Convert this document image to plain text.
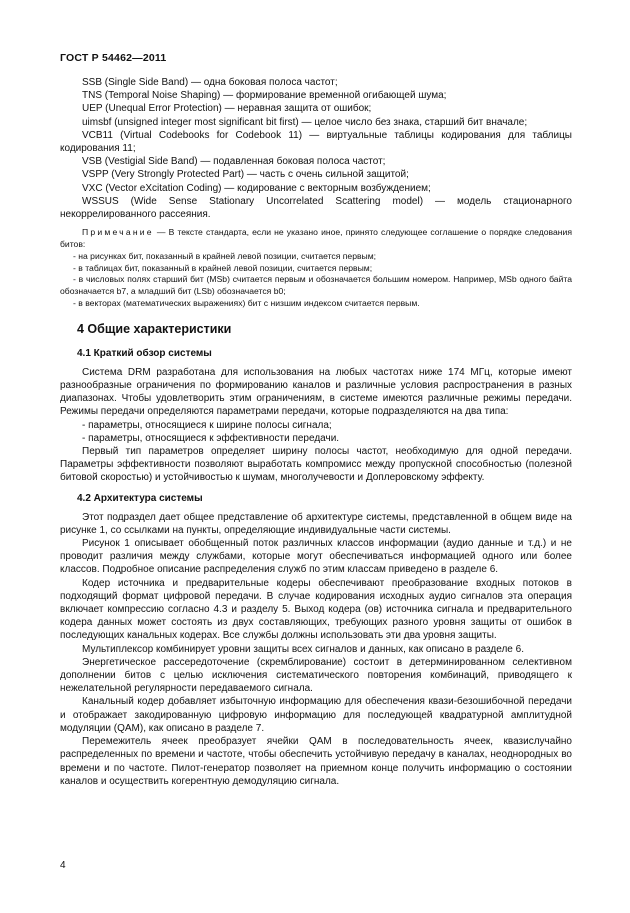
ГОСТ Р 54462—2011

SSB (Single Side Band) — одна боковая полоса частот;

TNS (Temporal Noise Shaping) — формирование временной огибающей шума;

UEP (Unequal Error Protection) — неравная защита от ошибок;

uimsbf (unsigned integer most significant bit first) — целое число без знака, старший бит вначале;

VCB11 (Virtual Codebooks for Codebook 11) — виртуальные таблицы кодирования для таблицы кодирования 11;

VSB (Vestigial Side Band) — подавленная боковая полоса частот;

VSPP (Very Strongly Protected Part) — часть с очень сильной защитой;

VXC (Vector eXcitation Coding) — кодирование с векторным возбуждением;

WSSUS (Wide Sense Stationary Uncorrelated Scattering model) — модель стационарного некоррелированного рассеяния.

Примечание — В тексте стандарта, если не указано иное, принято следующее соглашение о порядке следования битов:

- на рисунках бит, показанный в крайней левой позиции, считается первым;

- в таблицах бит, показанный в крайней левой позиции, считается первым;

- в числовых полях старший бит (MSb) считается первым и обозначается большим номером. Например, MSb одного байта обозначается b7, а младший бит (LSb) обозначается b0;

- в векторах (математических выражениях) бит с низшим индексом считается первым.

4 Общие характеристики
4.1 Краткий обзор системы

Система DRM разработана для использования на любых частотах ниже 174 МГц, которые имеют разнообразные ограничения по формированию каналов и различные условия распространения в разных диапазонах. Чтобы удовлетворить этим ограничениям, в системе имеются различные режимы передачи. Режимы передачи определяются параметрами передачи, которые подразделяются на два типа:

- параметры, относящиеся к ширине полосы сигнала;

- параметры, относящиеся к эффективности передачи.

Первый тип параметров определяет ширину полосы частот, необходимую для одной передачи. Параметры эффективности позволяют выработать компромисс между пропускной способностью (полезной битовой скоростью) и устойчивостью к шумам, многолучевости и Доплеровскому эффекту.

4.2 Архитектура системы

Этот подраздел дает общее представление об архитектуре системы, представленной в общем виде на рисунке 1, со ссылками на пункты, определяющие индивидуальные части системы.

Рисунок 1 описывает обобщенный поток различных классов информации (аудио данные и т.д.) и не проводит различия между службами, которые могут обеспечиваться информацией одного или более классов. Подробное описание распределения служб по этим классам приведено в разделе 6.

Кодер источника и предварительные кодеры обеспечивают преобразование входных потоков в подходящий формат цифровой передачи. В случае кодирования исходных аудио сигналов эта операция включает компрессию согласно 4.3 и разделу 5. Выход кодера (ов) источника сигнала и предварительного кодера данных может состоять из двух составляющих, требующих разного уровня защиты от ошибок в последующих канальных кодерах. Все службы должны использовать эти два уровня защиты.

Мультиплексор комбинирует уровни защиты всех сигналов и данных, как описано в разделе 6.

Энергетическое рассередоточение (скремблирование) состоит в детерминированном селективном дополнении битов с целью исключения систематического повторения комбинаций, приводящего к нежелательной регулярности передаваемого сигнала.

Канальный кодер добавляет избыточную информацию для обеспечения квази-безошибочной передачи и отображает закодированную цифровую информацию для последующей квадратурной амплитудной модуляции (QAM), как описано в разделе 7.

Перемежитель ячеек преобразует ячейки QAM в последовательность ячеек, квазислучайно распределенных по времени и частоте, чтобы обеспечить устойчивую передачу в каналах, неоднородных во времени и по частоте. Пилот-генератор позволяет на приемном конце получить информацию о состоянии каналов и осуществить когерентную демодуляцию сигнала.

4
